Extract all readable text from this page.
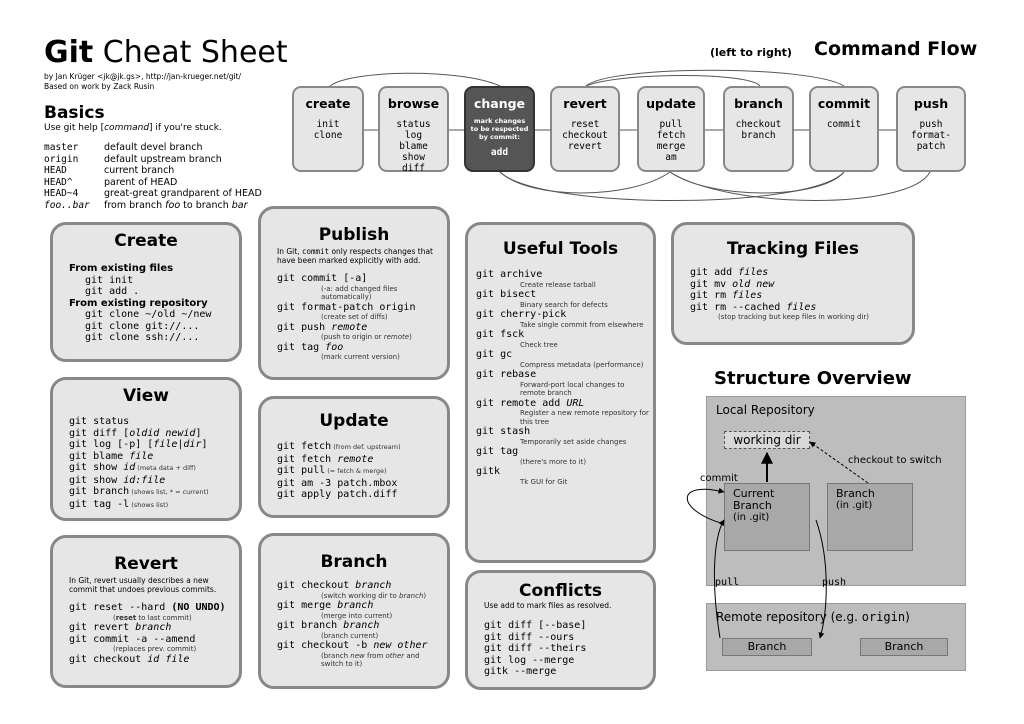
Git Cheat Sheet
by Jan Krüger <jk@jk.gs>, http://jan-krueger.net/git/
Based on work by Zack Rusin
Basics
Use git help [command] if you're stuck.
master	default devel branch
origin	default upstream branch
HEAD	current branch
HEAD^	parent of HEAD
HEAD~4	great-great grandparent of HEAD
foo..bar	from branch foo to branch bar
(left to right) Command Flow
create
init
clone
browse
status
log
blame
show
diff
change
mark changes
to be respected
by commit:
add
revert
reset
checkout
revert
update
pull
fetch
merge
am
branch
checkout
branch
commit
commit
push
push
format-patch
Create
From existing files
git init
git add .
From existing repository
git clone ~/old ~/new
git clone git://...
git clone ssh://...
View
git status
git diff [oldid newid]
git log [-p] [file|dir]
git blame file
git show id (meta data + diff)
git show id:file
git branch (shows list, * = current)
git tag -l (shows list)
Revert
In Git, revert usually describes a new commit that undoes previous commits.
git reset --hard (NO UNDO)
(reset to last commit)
git revert branch
git commit -a --amend
(replaces prev. commit)
git checkout id file
Publish
In Git, commit only respects changes that have been marked explicitly with add.
git commit [-a]
(-a: add changed files automatically)
git format-patch origin
(create set of diffs)
git push remote
(push to origin or remote)
git tag foo
(mark current version)
Update
git fetch (from def. upstream)
git fetch remote
git pull (= fetch & merge)
git am -3 patch.mbox
git apply patch.diff
Branch
git checkout branch
(switch working dir to branch)
git merge branch
(merge into current)
git branch branch
(branch current)
git checkout -b new other
(branch new from other and switch to it)
Useful Tools
git archive
Create release tarball
git bisect
Binary search for defects
git cherry-pick
Take single commit from elsewhere
git fsck
Check tree
git gc
Compress metadata (performance)
git rebase
Forward-port local changes to remote branch
git remote add URL
Register a new remote repository for this tree
git stash
Temporarily set aside changes
git tag
(there's more to it)
gitk
Tk GUI for Git
Conflicts
Use add to mark files as resolved.
git diff [--base]
git diff --ours
git diff --theirs
git log --merge
gitk --merge
Tracking Files
git add files
git mv old new
git rm files
git rm --cached files
(stop tracking but keep files in working dir)
Structure Overview
Local Repository
working dir
Current Branch
(in .git)
Branch
(in .git)
commit
checkout to switch
pull	push
Remote repository (e.g. origin)
Branch	Branch
